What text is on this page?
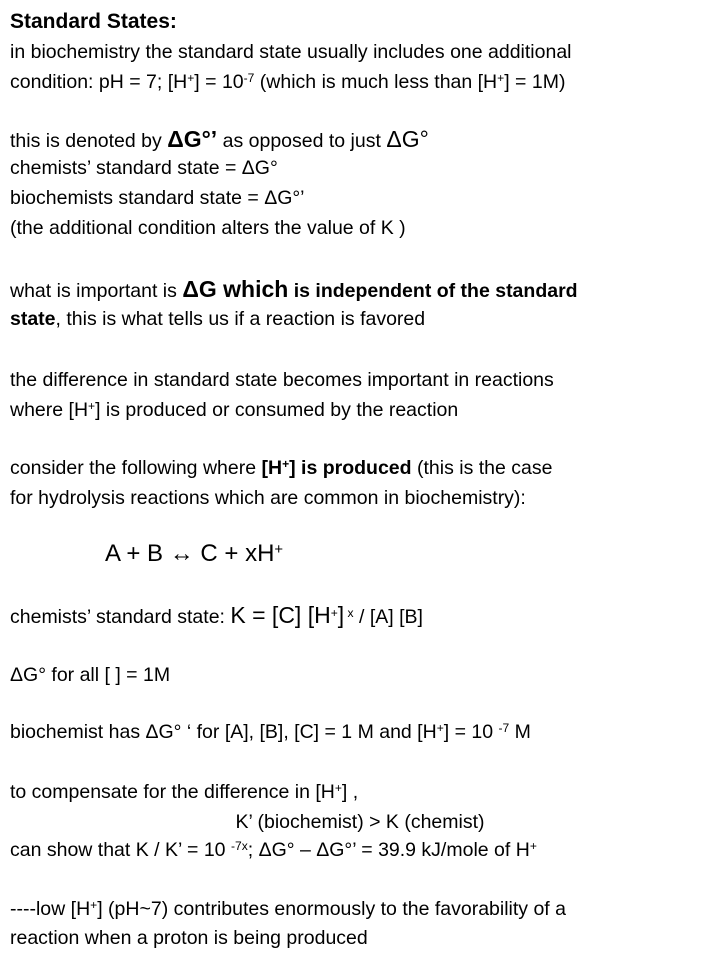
Standard States:
in biochemistry the standard state usually includes one additional
condition: pH = 7; $[H^+] = 10^{-7}$ (which is much less than [H+] = 1M)
this is denoted by ΔG°’ as opposed to just ΔG°
chemists’ standard state = ΔG°
biochemists standard state = ΔG°’
(the additional condition alters the value of K )
what is important is ΔG which is independent of the standard
state, this is what tells us if a reaction is favored
the difference in standard state becomes important in reactions
where [H+] is produced or consumed by the reaction
consider the following where [H+] is produced (this is the case
for hydrolysis reactions which are common in biochemistry):
A + B ↔ C + xH+
chemists’ standard state: K = [C] [H+] $^x$ / [A] [B]
ΔG° for all [ ] = 1M
biochemist has ΔG° ‘ for [A], [B], [C] = 1 M and [H+] = 10 $^{-7}$ M
to compensate for the difference in [H+] ,
K’ (biochemist) > K (chemist)
can show that K / K’ = 10 $^{-7x}$; ΔG° – ΔG°’ = 39.9 kJ/mole of H+
----low [H+] (pH~7) contributes enormously to the favorability of a
reaction when a proton is being produced
